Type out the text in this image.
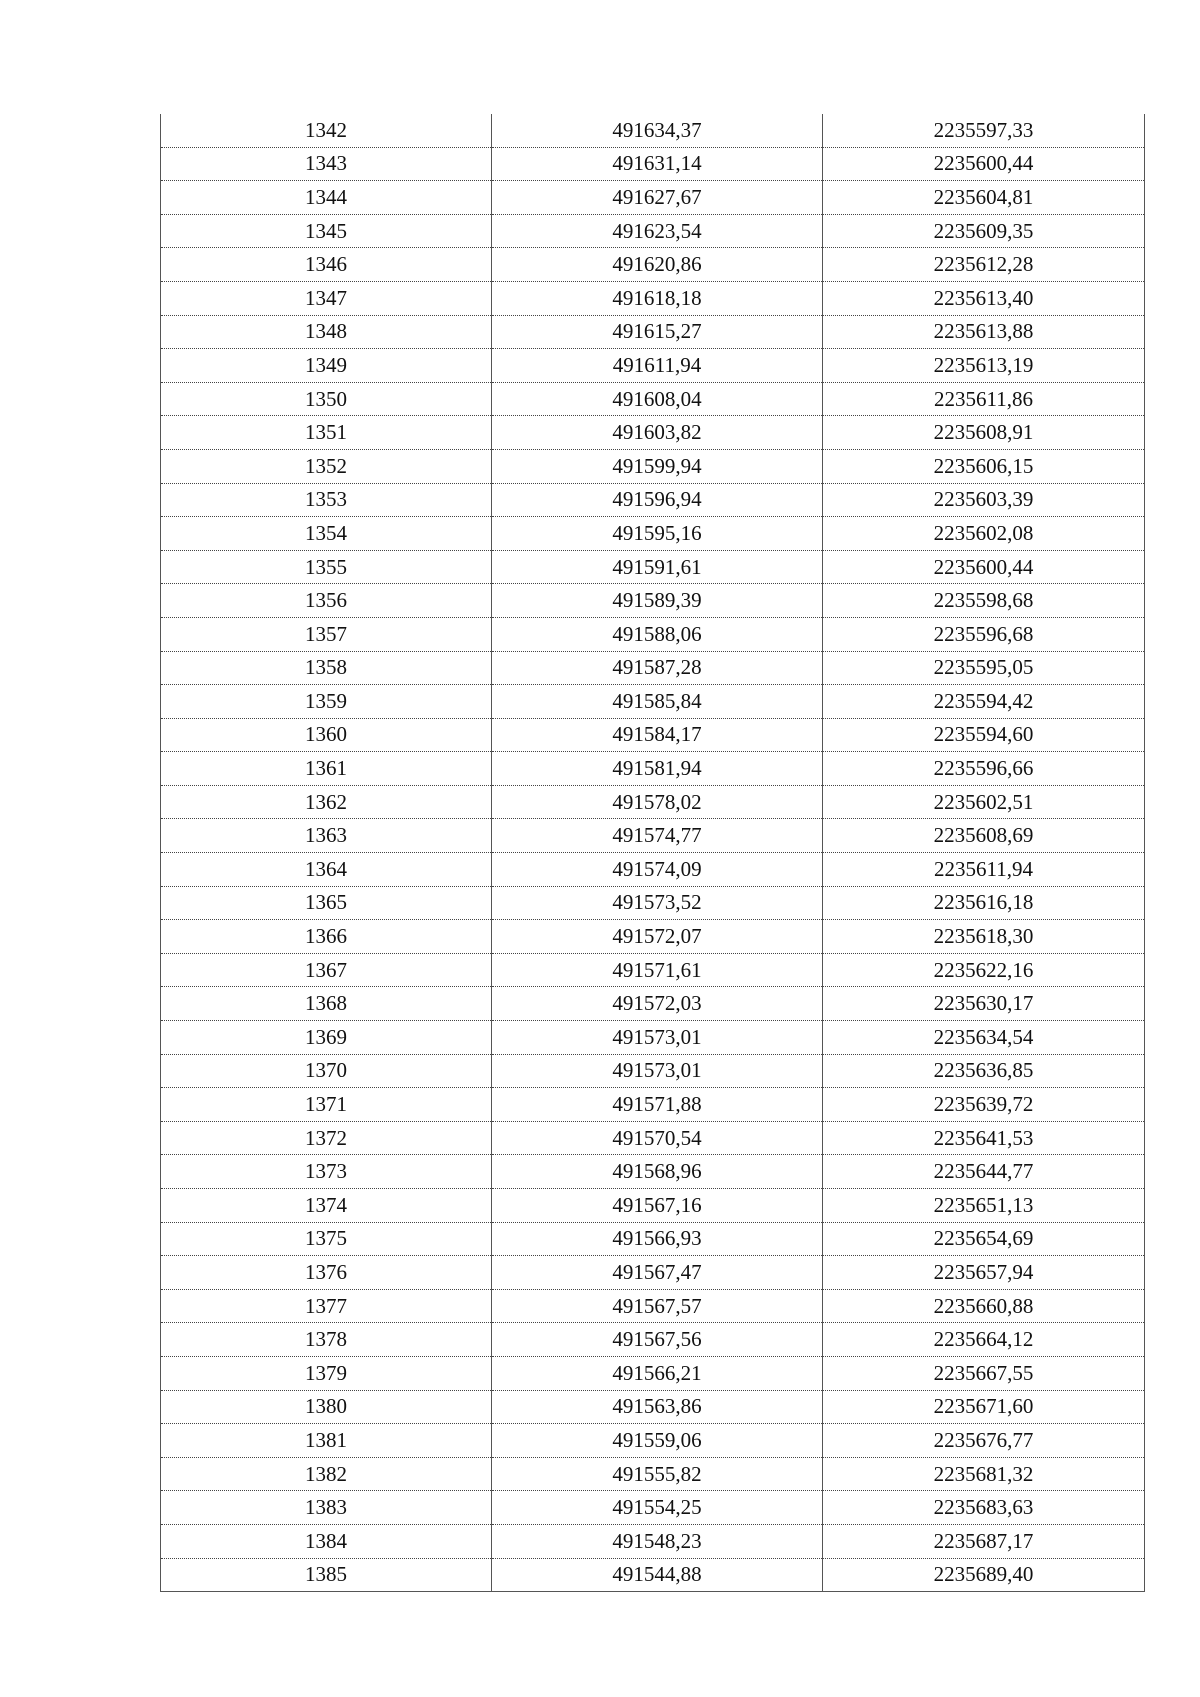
1342	491634,37	2235597,33
1343	491631,14	2235600,44
1344	491627,67	2235604,81
1345	491623,54	2235609,35
1346	491620,86	2235612,28
1347	491618,18	2235613,40
1348	491615,27	2235613,88
1349	491611,94	2235613,19
1350	491608,04	2235611,86
1351	491603,82	2235608,91
1352	491599,94	2235606,15
1353	491596,94	2235603,39
1354	491595,16	2235602,08
1355	491591,61	2235600,44
1356	491589,39	2235598,68
1357	491588,06	2235596,68
1358	491587,28	2235595,05
1359	491585,84	2235594,42
1360	491584,17	2235594,60
1361	491581,94	2235596,66
1362	491578,02	2235602,51
1363	491574,77	2235608,69
1364	491574,09	2235611,94
1365	491573,52	2235616,18
1366	491572,07	2235618,30
1367	491571,61	2235622,16
1368	491572,03	2235630,17
1369	491573,01	2235634,54
1370	491573,01	2235636,85
1371	491571,88	2235639,72
1372	491570,54	2235641,53
1373	491568,96	2235644,77
1374	491567,16	2235651,13
1375	491566,93	2235654,69
1376	491567,47	2235657,94
1377	491567,57	2235660,88
1378	491567,56	2235664,12
1379	491566,21	2235667,55
1380	491563,86	2235671,60
1381	491559,06	2235676,77
1382	491555,82	2235681,32
1383	491554,25	2235683,63
1384	491548,23	2235687,17
1385	491544,88	2235689,40
